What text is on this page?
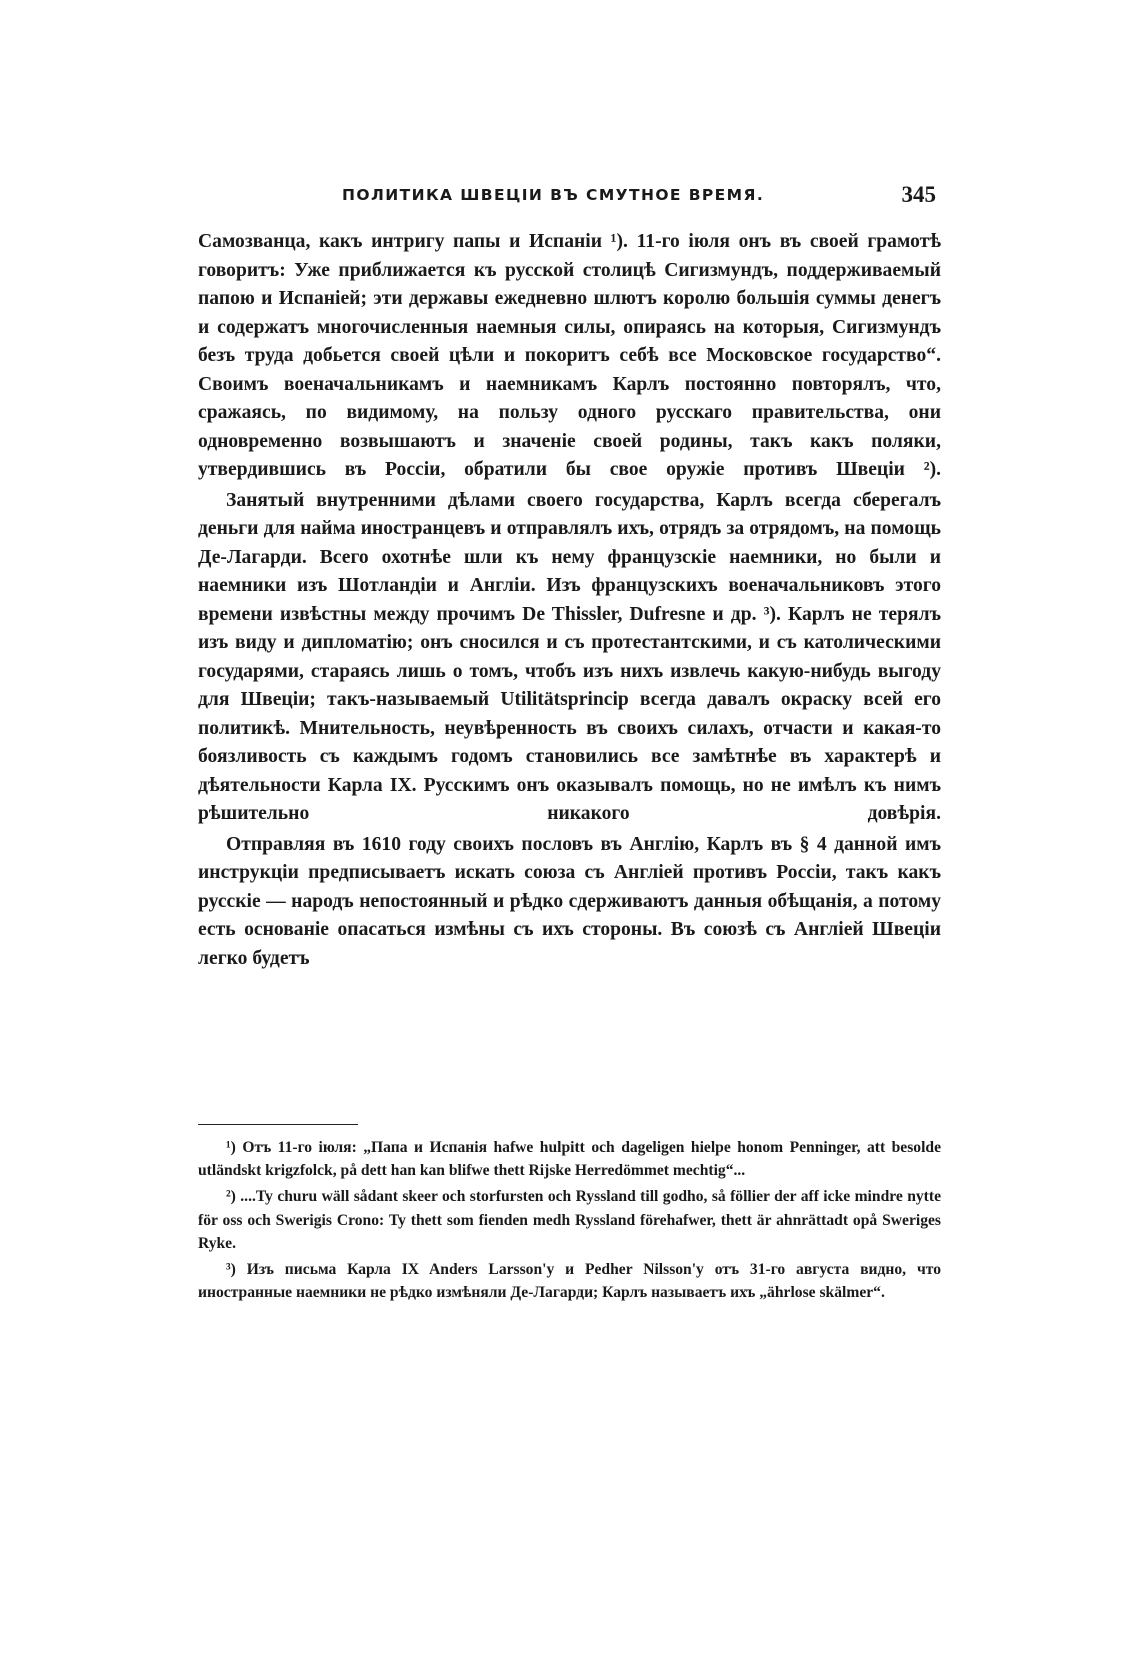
ПОЛИТИКА ШВЕЦІИ ВЪ СМУТНОЕ ВРЕМЯ.	345

Самозванца, какъ интригу папы и Испаніи ¹). 11-го іюля онъ въ своей грамотѣ говоритъ: Уже приближается къ русской столицѣ Сигизмундъ, поддерживаемый папою и Испаніей; эти державы ежедневно шлютъ королю большія суммы денегъ и содержатъ многочисленныя наемныя силы, опираясь на которыя, Сигизмундъ безъ труда добьется своей цѣли и покоритъ себѣ все Московское государство“. Своимъ военачальникамъ и наемникамъ Карлъ постоянно повторялъ, что, сражаясь, по видимому, на пользу одного русскаго правительства, они одновременно возвышаютъ и значеніе своей родины, такъ какъ поляки, утвердившись въ Россіи, обратили бы свое оружіе противъ Швеціи ²).

Занятый внутренними дѣлами своего государства, Карлъ всегда сберегалъ деньги для найма иностранцевъ и отправлялъ ихъ, отрядъ за отрядомъ, на помощь Де-Лагарди. Всего охотнѣе шли къ нему французскіе наемники, но были и наемники изъ Шотландіи и Англіи. Изъ французскихъ военачальниковъ этого времени извѣстны между прочимъ De Thissler, Dufresne и др. ³). Карлъ не терялъ изъ виду и дипломатію; онъ сносился и съ протестантскими, и съ католическими государями, стараясь лишь о томъ, чтобъ изъ нихъ извлечь какую-нибудь выгоду для Швеціи; такъ-называемый Utilitätsprincip всегда давалъ окраску всей его политикѣ. Мнительность, неувѣренность въ своихъ силахъ, отчасти и какая-то боязливость съ каждымъ годомъ становились все замѣтнѣе въ характерѣ и дѣятельности Карла IX. Русскимъ онъ оказывалъ помощь, но не имѣлъ къ нимъ рѣшительно никакого довѣрія.

Отправляя въ 1610 году своихъ пословъ въ Англію, Карлъ въ § 4 данной имъ инструкціи предписываетъ искать союза съ Англіей противъ Россіи, такъ какъ русскіе — народъ непостоянный и рѣдко сдерживаютъ данныя обѣщанія, а потому есть основаніе опасаться измѣны съ ихъ стороны. Въ союзѣ съ Англіей Швеціи легко будетъ

¹) Отъ 11-го іюля: „Папа и Испанія hafwe hulpitt och dageligen hielpe honom Penninger, att besolde utländskt krigzfolck, på dett han kan blifwe thett Rijske Herredömmet mechtig“...

²) ....Ty churu wäll sådant skeer och storfursten och Ryssland till godho, så föllier der aff icke mindre nytte för oss och Swerigis Crono: Ty thett som fienden medh Ryssland förehafwer, thett är ahnrättadt opå Sweriges Ryke.

³) Изъ письма Карла IX Anders Larsson'у и Pedher Nilsson'у отъ 31-го августа видно, что иностранные наемники не рѣдко измѣняли Де-Лагарди; Карлъ называетъ ихъ „ährlose skälmer“.
